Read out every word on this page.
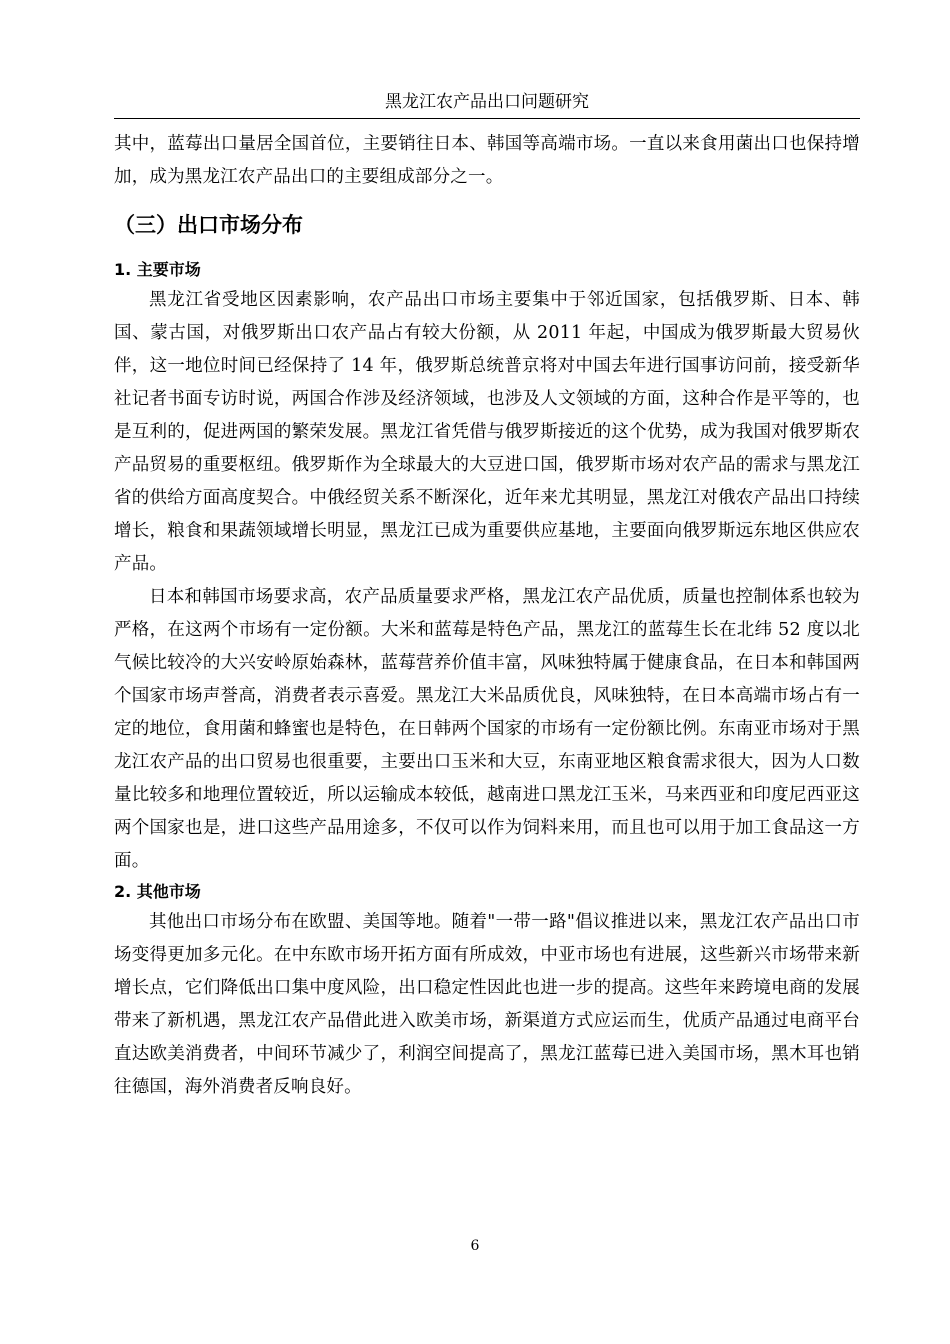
黑龙江农产品出口问题研究

其中，蓝莓出口量居全国首位，主要销往日本、韩国等高端市场。一直以来食用菌出口也保持增加，成为黑龙江农产品出口的主要组成部分之一。

（三）出口市场分布
1. 主要市场

黑龙江省受地区因素影响，农产品出口市场主要集中于邻近国家，包括俄罗斯、日本、韩国、蒙古国，对俄罗斯出口农产品占有较大份额，从 2011 年起，中国成为俄罗斯最大贸易伙伴，这一地位时间已经保持了 14 年，俄罗斯总统普京将对中国去年进行国事访问前，接受新华社记者书面专访时说，两国合作涉及经济领域，也涉及人文领域的方面，这种合作是平等的，也是互利的，促进两国的繁荣发展。黑龙江省凭借与俄罗斯接近的这个优势，成为我国对俄罗斯农产品贸易的重要枢纽。俄罗斯作为全球最大的大豆进口国，俄罗斯市场对农产品的需求与黑龙江省的供给方面高度契合。中俄经贸关系不断深化，近年来尤其明显，黑龙江对俄农产品出口持续增长，粮食和果蔬领域增长明显，黑龙江已成为重要供应基地，主要面向俄罗斯远东地区供应农产品。

日本和韩国市场要求高，农产品质量要求严格，黑龙江农产品优质，质量也控制体系也较为严格，在这两个市场有一定份额。大米和蓝莓是特色产品，黑龙江的蓝莓生长在北纬 52 度以北气候比较冷的大兴安岭原始森林，蓝莓营养价值丰富，风味独特属于健康食品，在日本和韩国两个国家市场声誉高，消费者表示喜爱。黑龙江大米品质优良，风味独特，在日本高端市场占有一定的地位，食用菌和蜂蜜也是特色，在日韩两个国家的市场有一定份额比例。东南亚市场对于黑龙江农产品的出口贸易也很重要，主要出口玉米和大豆，东南亚地区粮食需求很大，因为人口数量比较多和地理位置较近，所以运输成本较低，越南进口黑龙江玉米，马来西亚和印度尼西亚这两个国家也是，进口这些产品用途多，不仅可以作为饲料来用，而且也可以用于加工食品这一方面。

2. 其他市场

其他出口市场分布在欧盟、美国等地。随着"一带一路"倡议推进以来，黑龙江农产品出口市场变得更加多元化。在中东欧市场开拓方面有所成效，中亚市场也有进展，这些新兴市场带来新增长点，它们降低出口集中度风险，出口稳定性因此也进一步的提高。这些年来跨境电商的发展带来了新机遇，黑龙江农产品借此进入欧美市场，新渠道方式应运而生，优质产品通过电商平台直达欧美消费者，中间环节减少了，利润空间提高了，黑龙江蓝莓已进入美国市场，黑木耳也销往德国，海外消费者反响良好。

6
